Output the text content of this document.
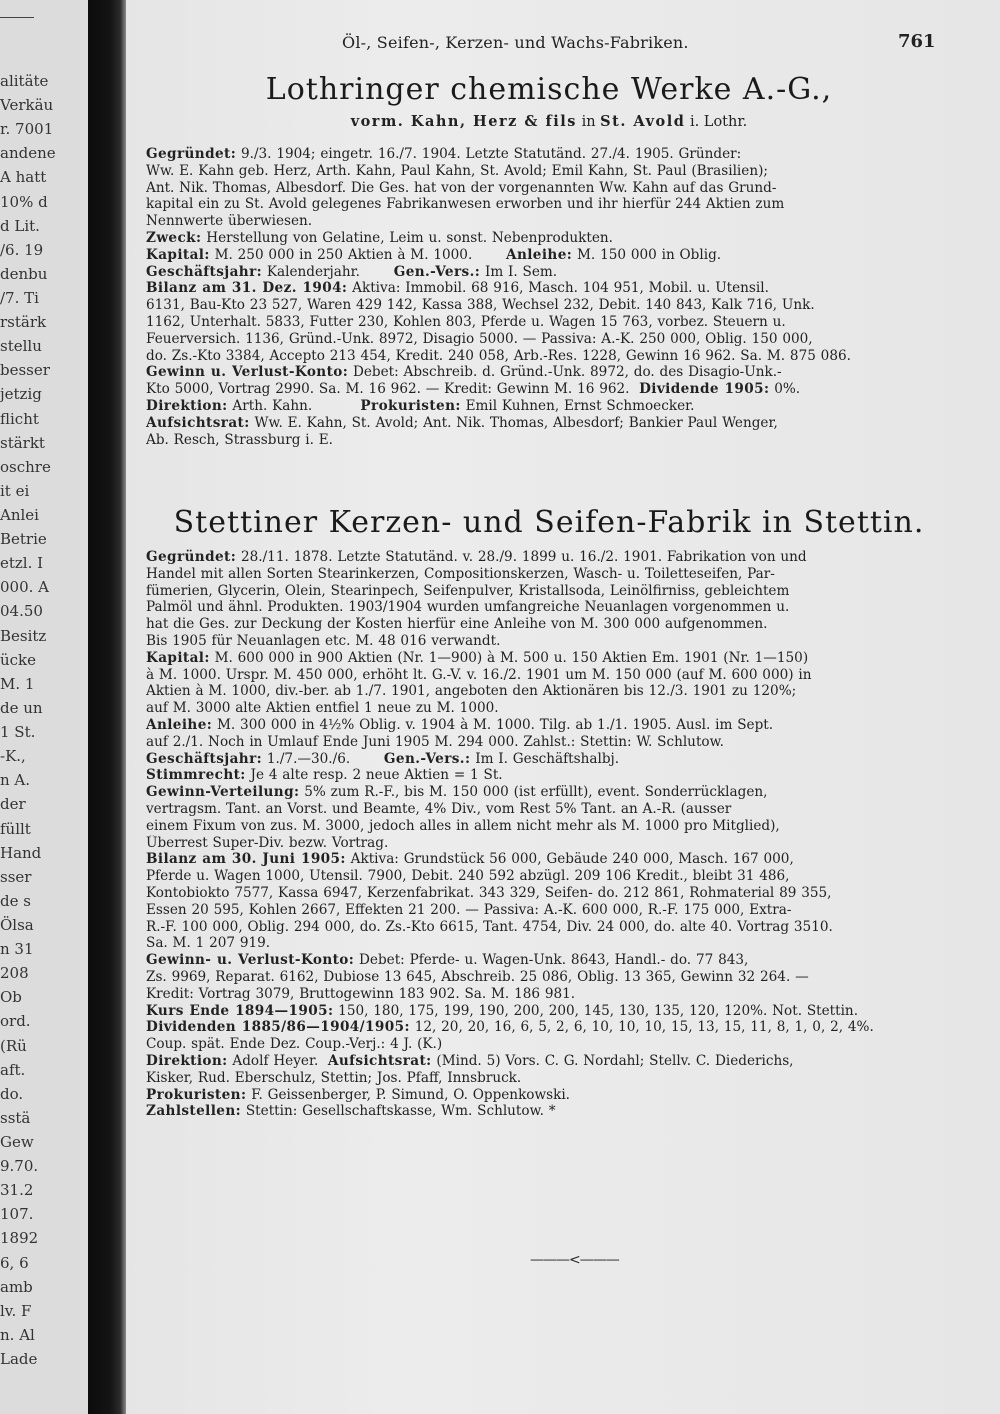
alitäte
Verkäu
r. 7001
andene
A hatt
10% d
d Lit.
/6. 19
denbu
/7. Ti
rstärk
stellu
besser
jetzig
flicht
stärkt
oschre
it ei
Anlei
Betrie
etzl. I
000. A
04.50
Besitz
ücke
M. 1
de un
1 St.
-K.,
n A.
der
füllt
Hand
sser
de s
Ölsa
n 31
208
Ob
ord.
(Rü
aft.
do.
sstä
Gew
9.70.
31.2
107.
1892
6, 6
amb
lv. F
n. Al
Lade
Öl-, Seifen-, Kerzen- und Wachs-Fabriken.	761
Lothringer chemische Werke A.-G.,
vorm. Kahn, Herz & fils in St. Avold i. Lothr.
Gegründet: 9./3. 1904; eingetr. 16./7. 1904. Letzte Statutänd. 27./4. 1905. Gründer:
Ww. E. Kahn geb. Herz, Arth. Kahn, Paul Kahn, St. Avold; Emil Kahn, St. Paul (Brasilien);
Ant. Nik. Thomas, Albesdorf. Die Ges. hat von der vorgenannten Ww. Kahn auf das Grund-
kapital ein zu St. Avold gelegenes Fabrikanwesen erworben und ihr hierfür 244 Aktien zum
Nennwerte überwiesen.
Zweck: Herstellung von Gelatine, Leim u. sonst. Nebenprodukten.
Kapital: M. 250 000 in 250 Aktien à M. 1000.       Anleihe: M. 150 000 in Oblig.
Geschäftsjahr: Kalenderjahr.       Gen.-Vers.: Im I. Sem.
Bilanz am 31. Dez. 1904: Aktiva: Immobil. 68 916, Masch. 104 951, Mobil. u. Utensil.
6131, Bau-Kto 23 527, Waren 429 142, Kassa 388, Wechsel 232, Debit. 140 843, Kalk 716, Unk.
1162, Unterhalt. 5833, Futter 230, Kohlen 803, Pferde u. Wagen 15 763, vorbez. Steuern u.
Feuerversich. 1136, Gründ.-Unk. 8972, Disagio 5000. — Passiva: A.-K. 250 000, Oblig. 150 000,
do. Zs.-Kto 3384, Accepto 213 454, Kredit. 240 058, Arb.-Res. 1228, Gewinn 16 962. Sa. M. 875 086.
Gewinn u. Verlust-Konto: Debet: Abschreib. d. Gründ.-Unk. 8972, do. des Disagio-Unk.-
Kto 5000, Vortrag 2990. Sa. M. 16 962. — Kredit: Gewinn M. 16 962.  Dividende 1905: 0%.
Direktion: Arth. Kahn.          Prokuristen: Emil Kuhnen, Ernst Schmoecker.
Aufsichtsrat: Ww. E. Kahn, St. Avold; Ant. Nik. Thomas, Albesdorf; Bankier Paul Wenger,
Ab. Resch, Strassburg i. E.
Stettiner Kerzen- und Seifen-Fabrik in Stettin.
Gegründet: 28./11. 1878. Letzte Statutänd. v. 28./9. 1899 u. 16./2. 1901. Fabrikation von und
Handel mit allen Sorten Stearinkerzen, Compositionskerzen, Wasch- u. Toiletteseifen, Par-
fümerien, Glycerin, Olein, Stearinpech, Seifenpulver, Kristallsoda, Leinölfirniss, gebleichtem
Palmöl und ähnl. Produkten. 1903/1904 wurden umfangreiche Neuanlagen vorgenommen u.
hat die Ges. zur Deckung der Kosten hierfür eine Anleihe von M. 300 000 aufgenommen.
Bis 1905 für Neuanlagen etc. M. 48 016 verwandt.
Kapital: M. 600 000 in 900 Aktien (Nr. 1—900) à M. 500 u. 150 Aktien Em. 1901 (Nr. 1—150)
à M. 1000. Urspr. M. 450 000, erhöht lt. G.-V. v. 16./2. 1901 um M. 150 000 (auf M. 600 000) in
Aktien à M. 1000, div.-ber. ab 1./7. 1901, angeboten den Aktionären bis 12./3. 1901 zu 120%;
auf M. 3000 alte Aktien entfiel 1 neue zu M. 1000.
Anleihe: M. 300 000 in 4½% Oblig. v. 1904 à M. 1000. Tilg. ab 1./1. 1905. Ausl. im Sept.
auf 2./1. Noch in Umlauf Ende Juni 1905 M. 294 000. Zahlst.: Stettin: W. Schlutow.
Geschäftsjahr: 1./7.—30./6.       Gen.-Vers.: Im I. Geschäftshalbj.
Stimmrecht: Je 4 alte resp. 2 neue Aktien = 1 St.
Gewinn-Verteilung: 5% zum R.-F., bis M. 150 000 (ist erfüllt), event. Sonderrücklagen,
vertragsm. Tant. an Vorst. und Beamte, 4% Div., vom Rest 5% Tant. an A.-R. (ausser
einem Fixum von zus. M. 3000, jedoch alles in allem nicht mehr als M. 1000 pro Mitglied),
Überrest Super-Div. bezw. Vortrag.
Bilanz am 30. Juni 1905: Aktiva: Grundstück 56 000, Gebäude 240 000, Masch. 167 000,
Pferde u. Wagen 1000, Utensil. 7900, Debit. 240 592 abzügl. 209 106 Kredit., bleibt 31 486,
Kontobiokto 7577, Kassa 6947, Kerzenfabrikat. 343 329, Seifen- do. 212 861, Rohmaterial 89 355,
Essen 20 595, Kohlen 2667, Effekten 21 200. — Passiva: A.-K. 600 000, R.-F. 175 000, Extra-
R.-F. 100 000, Oblig. 294 000, do. Zs.-Kto 6615, Tant. 4754, Div. 24 000, do. alte 40. Vortrag 3510.
Sa. M. 1 207 919.
Gewinn- u. Verlust-Konto: Debet: Pferde- u. Wagen-Unk. 8643, Handl.- do. 77 843,
Zs. 9969, Reparat. 6162, Dubiose 13 645, Abschreib. 25 086, Oblig. 13 365, Gewinn 32 264. —
Kredit: Vortrag 3079, Bruttogewinn 183 902. Sa. M. 186 981.
Kurs Ende 1894—1905: 150, 180, 175, 199, 190, 200, 200, 145, 130, 135, 120, 120%. Not. Stettin.
Dividenden 1885/86—1904/1905: 12, 20, 20, 16, 6, 5, 2, 6, 10, 10, 10, 15, 13, 15, 11, 8, 1, 0, 2, 4%.
Coup. spät. Ende Dez. Coup.-Verj.: 4 J. (K.)
Direktion: Adolf Heyer.  Aufsichtsrat: (Mind. 5) Vors. C. G. Nordahl; Stellv. C. Diederichs,
Kisker, Rud. Eberschulz, Stettin; Jos. Pfaff, Innsbruck.
Prokuristen: F. Geissenberger, P. Simund, O. Oppenkowski.
Zahlstellen: Stettin: Gesellschaftskasse, Wm. Schlutow. *
———<———
